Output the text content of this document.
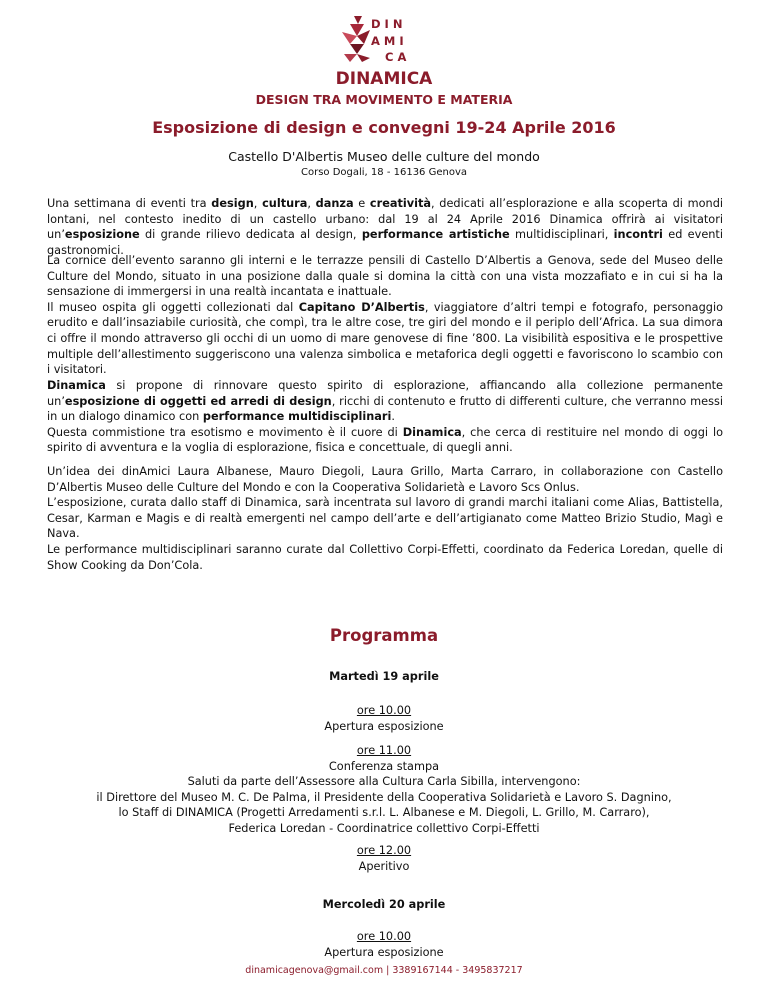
DIN
AMI
CA
DINAMICA
DESIGN TRA MOVIMENTO E MATERIA
Esposizione di design e convegni 19-24 Aprile 2016
Castello D'Albertis Museo delle culture del mondo
Corso Dogali, 18 - 16136 Genova
Una settimana di eventi tra design, cultura, danza e creatività, dedicati all’esplorazione e alla scoperta di mondi lontani, nel contesto inedito di un castello urbano: dal 19 al 24 Aprile 2016 Dinamica offrirà ai visitatori un’esposizione di grande rilievo dedicata al design, performance artistiche multidisciplinari, incontri ed eventi gastronomici.
La cornice dell’evento saranno gli interni e le terrazze pensili di Castello D’Albertis a Genova, sede del Museo delle Culture del Mondo, situato in una posizione dalla quale si domina la città con una vista mozzafiato e in cui si ha la sensazione di immergersi in una realtà incantata e inattuale.
Il museo ospita gli oggetti collezionati dal Capitano D’Albertis, viaggiatore d’altri tempi e fotografo, personaggio erudito e dall’insaziabile curiosità, che compì, tra le altre cose, tre giri del mondo e il periplo dell’Africa. La sua dimora ci offre il mondo attraverso gli occhi di un uomo di mare genovese di fine ’800. La visibilità espositiva e le prospettive multiple dell’allestimento suggeriscono una valenza simbolica e metaforica degli oggetti e favoriscono lo scambio con i visitatori.
Dinamica si propone di rinnovare questo spirito di esplorazione, affiancando alla collezione permanente un’esposizione di oggetti ed arredi di design, ricchi di contenuto e frutto di differenti culture, che verranno messi in un dialogo dinamico con performance multidisciplinari.
Questa commistione tra esotismo e movimento è il cuore di Dinamica, che cerca di restituire nel mondo di oggi lo spirito di avventura e la voglia di esplorazione, fisica e concettuale, di quegli anni.
Un’idea dei dinAmici Laura Albanese, Mauro Diegoli, Laura Grillo, Marta Carraro, in collaborazione con Castello D’Albertis Museo delle Culture del Mondo e con la Cooperativa Solidarietà e Lavoro Scs Onlus.
L’esposizione, curata dallo staff di Dinamica, sarà incentrata sul lavoro di grandi marchi italiani come Alias, Battistella, Cesar, Karman e Magis e di realtà emergenti nel campo dell’arte e dell’artigianato come Matteo Brizio Studio, Magì e Nava.
Le performance multidisciplinari saranno curate dal Collettivo Corpi-Effetti, coordinato da Federica Loredan, quelle di Show Cooking da Don’Cola.
Programma
Martedì 19 aprile
ore 10.00
Apertura esposizione
ore 11.00
Conferenza stampa
Saluti da parte dell’Assessore alla Cultura Carla Sibilla, intervengono:
il Direttore del Museo M. C. De Palma, il Presidente della Cooperativa Solidarietà e Lavoro S. Dagnino,
lo Staff di DINAMICA (Progetti Arredamenti s.r.l. L. Albanese e M. Diegoli, L. Grillo, M. Carraro),
Federica Loredan - Coordinatrice collettivo Corpi-Effetti
ore 12.00
Aperitivo
Mercoledì 20 aprile
ore 10.00
Apertura esposizione
dinamicagenova@gmail.com | 3389167144 - 3495837217
